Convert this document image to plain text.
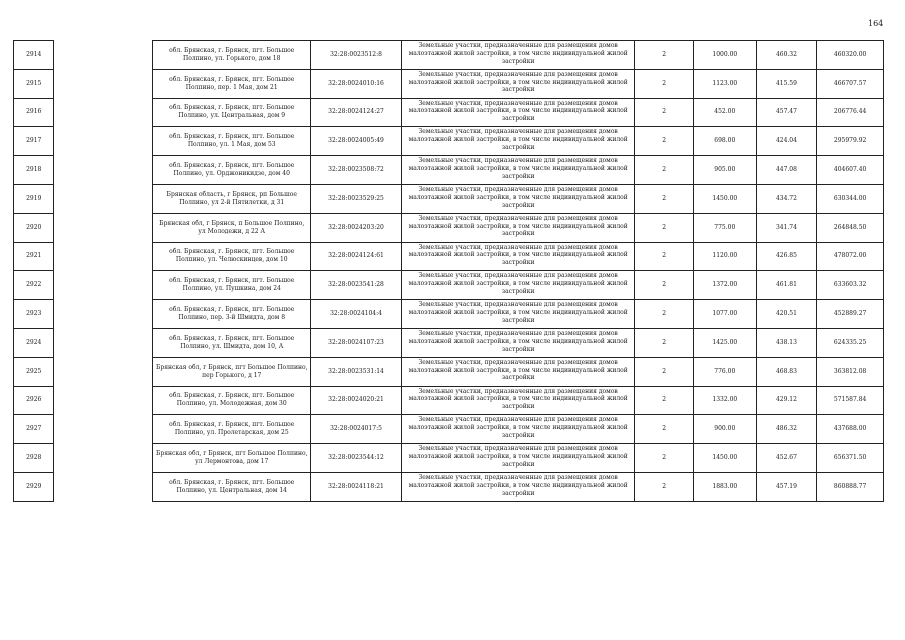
164
2914		обл. Брянская, г. Брянск, пгт. Большое Полпино, ул. Горького, дом 18	32:28:0023512:8	Земельные участки, предназначенные для размещения домов малоэтажной жилой застройки, в том числе индивидуальной жилой застройки	2	1000.00	460.32	460320.00
2915		обл. Брянская, г. Брянск, пгт. Большое Полпино, пер. 1 Мая, дом 21	32:28:0024010:16	Земельные участки, предназначенные для размещения домов малоэтажной жилой застройки, в том числе индивидуальной жилой застройки	2	1123.00	415.59	466707.57
2916		обл. Брянская, г. Брянск, пгт. Большое Полпино, ул. Центральная, дом 9	32:28:0024124:27	Земельные участки, предназначенные для размещения домов малоэтажной жилой застройки, в том числе индивидуальной жилой застройки	2	452.00	457.47	206776.44
2917		обл. Брянская, г. Брянск, пгт. Большое Полпино, ул. 1 Мая, дом 53	32:28:0024005:49	Земельные участки, предназначенные для размещения домов малоэтажной жилой застройки, в том числе индивидуальной жилой застройки	2	698.00	424.04	295979.92
2918		обл. Брянская, г. Брянск, пгт. Большое Полпино, ул. Орджоникидзе, дом 40	32:28:0023508:72	Земельные участки, предназначенные для размещения домов малоэтажной жилой застройки, в том числе индивидуальной жилой застройки	2	905.00	447.08	404607.40
2919		Брянская область, г Брянск, рп Большое Полпино, ул 2-й Пятилетки, д 31	32:28:0023529:25	Земельные участки, предназначенные для размещения домов малоэтажной жилой застройки, в том числе индивидуальной жилой застройки	2	1450.00	434.72	630344.00
2920		Брянская обл, г Брянск, п Большое Полпино, ул Молодежи, д 22 А	32:28:0024203:20	Земельные участки, предназначенные для размещения домов малоэтажной жилой застройки, в том числе индивидуальной жилой застройки	2	775.00	341.74	264848.50
2921		обл. Брянская, г. Брянск, пгт. Большое Полпино, ул. Челюскинцев, дом 10	32:28:0024124:61	Земельные участки, предназначенные для размещения домов малоэтажной жилой застройки, в том числе индивидуальной жилой застройки	2	1120.00	426.85	478072.00
2922		обл. Брянская, г. Брянск, пгт. Большое Полпино, ул. Пушкина, дом 24	32:28:0023541:28	Земельные участки, предназначенные для размещения домов малоэтажной жилой застройки, в том числе индивидуальной жилой застройки	2	1372.00	461.81	633603.32
2923		обл. Брянская, г. Брянск, пгт. Большое Полпино, пер. 3-й Шмидта, дом 8	32:28:0024104:4	Земельные участки, предназначенные для размещения домов малоэтажной жилой застройки, в том числе индивидуальной жилой застройки	2	1077.00	420.51	452889.27
2924		обл. Брянская, г. Брянск, пгт. Большое Полпино, ул. Шмидта, дом 10, А	32:28:0024107:23	Земельные участки, предназначенные для размещения домов малоэтажной жилой застройки, в том числе индивидуальной жилой застройки	2	1425.00	438.13	624335.25
2925		Брянская обл, г Брянск, пгт Большое Полпино, пер Горького, д 17	32:28:0023531:14	Земельные участки, предназначенные для размещения домов малоэтажной жилой застройки, в том числе индивидуальной жилой застройки	2	776.00	468.83	363812.08
2926		обл. Брянская, г. Брянск, пгт. Большое Полпино, ул. Молодежная, дом 30	32:28:0024020:21	Земельные участки, предназначенные для размещения домов малоэтажной жилой застройки, в том числе индивидуальной жилой застройки	2	1332.00	429.12	571587.84
2927		обл. Брянская, г. Брянск, пгт. Большое Полпино, ул. Пролетарская, дом 25	32:28:0024017:5	Земельные участки, предназначенные для размещения домов малоэтажной жилой застройки, в том числе индивидуальной жилой застройки	2	900.00	486.32	437688.00
2928		Брянская обл, г Брянск, пгт Большое Полпино, ул Лермонтова, дом 17	32:28:0023544:12	Земельные участки, предназначенные для размещения домов малоэтажной жилой застройки, в том числе индивидуальной жилой застройки	2	1450.00	452.67	656371.50
2929		обл. Брянская, г. Брянск, пгт. Большое Полпино, ул. Центральная, дом 14	32:28:0024118:21	Земельные участки, предназначенные для размещения домов малоэтажной жилой застройки, в том числе индивидуальной жилой застройки	2	1883.00	457.19	860888.77
